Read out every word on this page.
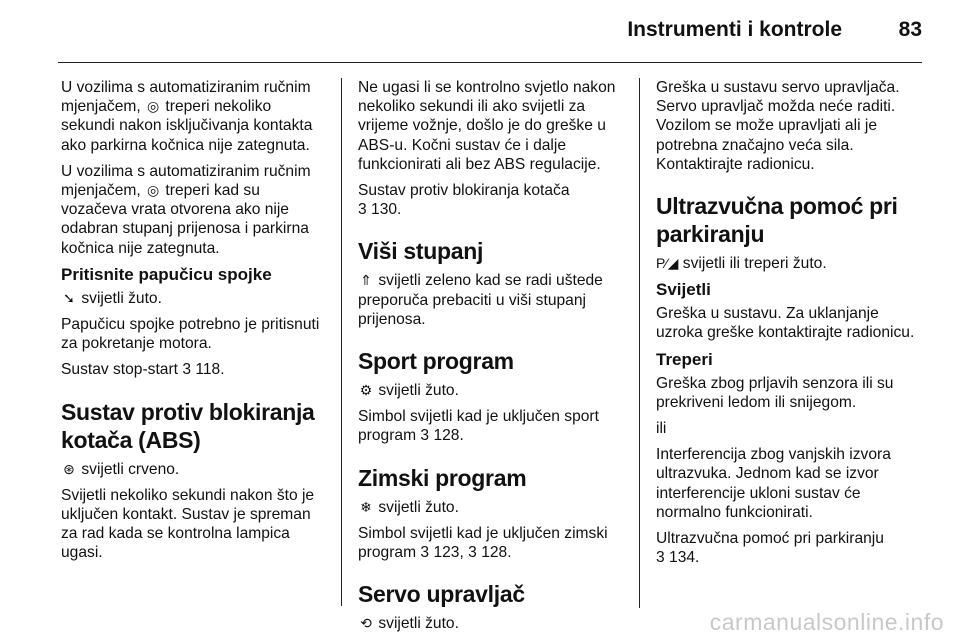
Instrumenti i kontrole	83

U vozilima s automatiziranim ručnim mjenjačem, ◎ treperi nekoliko sekundi nakon isključivanja kontakta ako parkirna kočnica nije zategnuta.

U vozilima s automatiziranim ručnim mjenjačem, ◎ treperi kad su vozačeva vrata otvorena ako nije odabran stupanj prijenosa i parkirna kočnica nije zategnuta.

Pritisnite papučicu spojke

➘ svijetli žuto.

Papučicu spojke potrebno je pritisnuti za pokretanje motora.

Sustav stop-start 3 118.

Sustav protiv blokiranja kotača (ABS)

⊛ svijetli crveno.

Svijetli nekoliko sekundi nakon što je uključen kontakt. Sustav je spreman za rad kada se kontrolna lampica ugasi.

Ne ugasi li se kontrolno svjetlo nakon nekoliko sekundi ili ako svijetli za vrijeme vožnje, došlo je do greške u ABS-u. Kočni sustav će i dalje funkcionirati ali bez ABS regulacije.

Sustav protiv blokiranja kotača
3 130.

Viši stupanj

⇑ svijetli zeleno kad se radi uštede preporuča prebaciti u viši stupanj prijenosa.

Sport program

⚙ svijetli žuto.

Simbol svijetli kad je uključen sport program 3 128.

Zimski program

❄ svijetli žuto.

Simbol svijetli kad je uključen zimski program 3 123, 3 128.

Servo upravljač

⟲ svijetli žuto.

Greška u sustavu servo upravljača. Servo upravljač možda neće raditi. Vozilom se može upravljati ali je potrebna značajno veća sila. Kontaktirajte radionicu.

Ultrazvučna pomoć pri parkiranju

P⁄◢ svijetli ili treperi žuto.

Svijetli

Greška u sustavu. Za uklanjanje uzroka greške kontaktirajte radionicu.

Treperi

Greška zbog prljavih senzora ili su prekriveni ledom ili snijegom.

ili

Interferencija zbog vanjskih izvora ultrazvuka. Jednom kad se izvor interferencije ukloni sustav će normalno funkcionirati.

Ultrazvučna pomoć pri parkiranju
3 134.

carmanualsonline.info
